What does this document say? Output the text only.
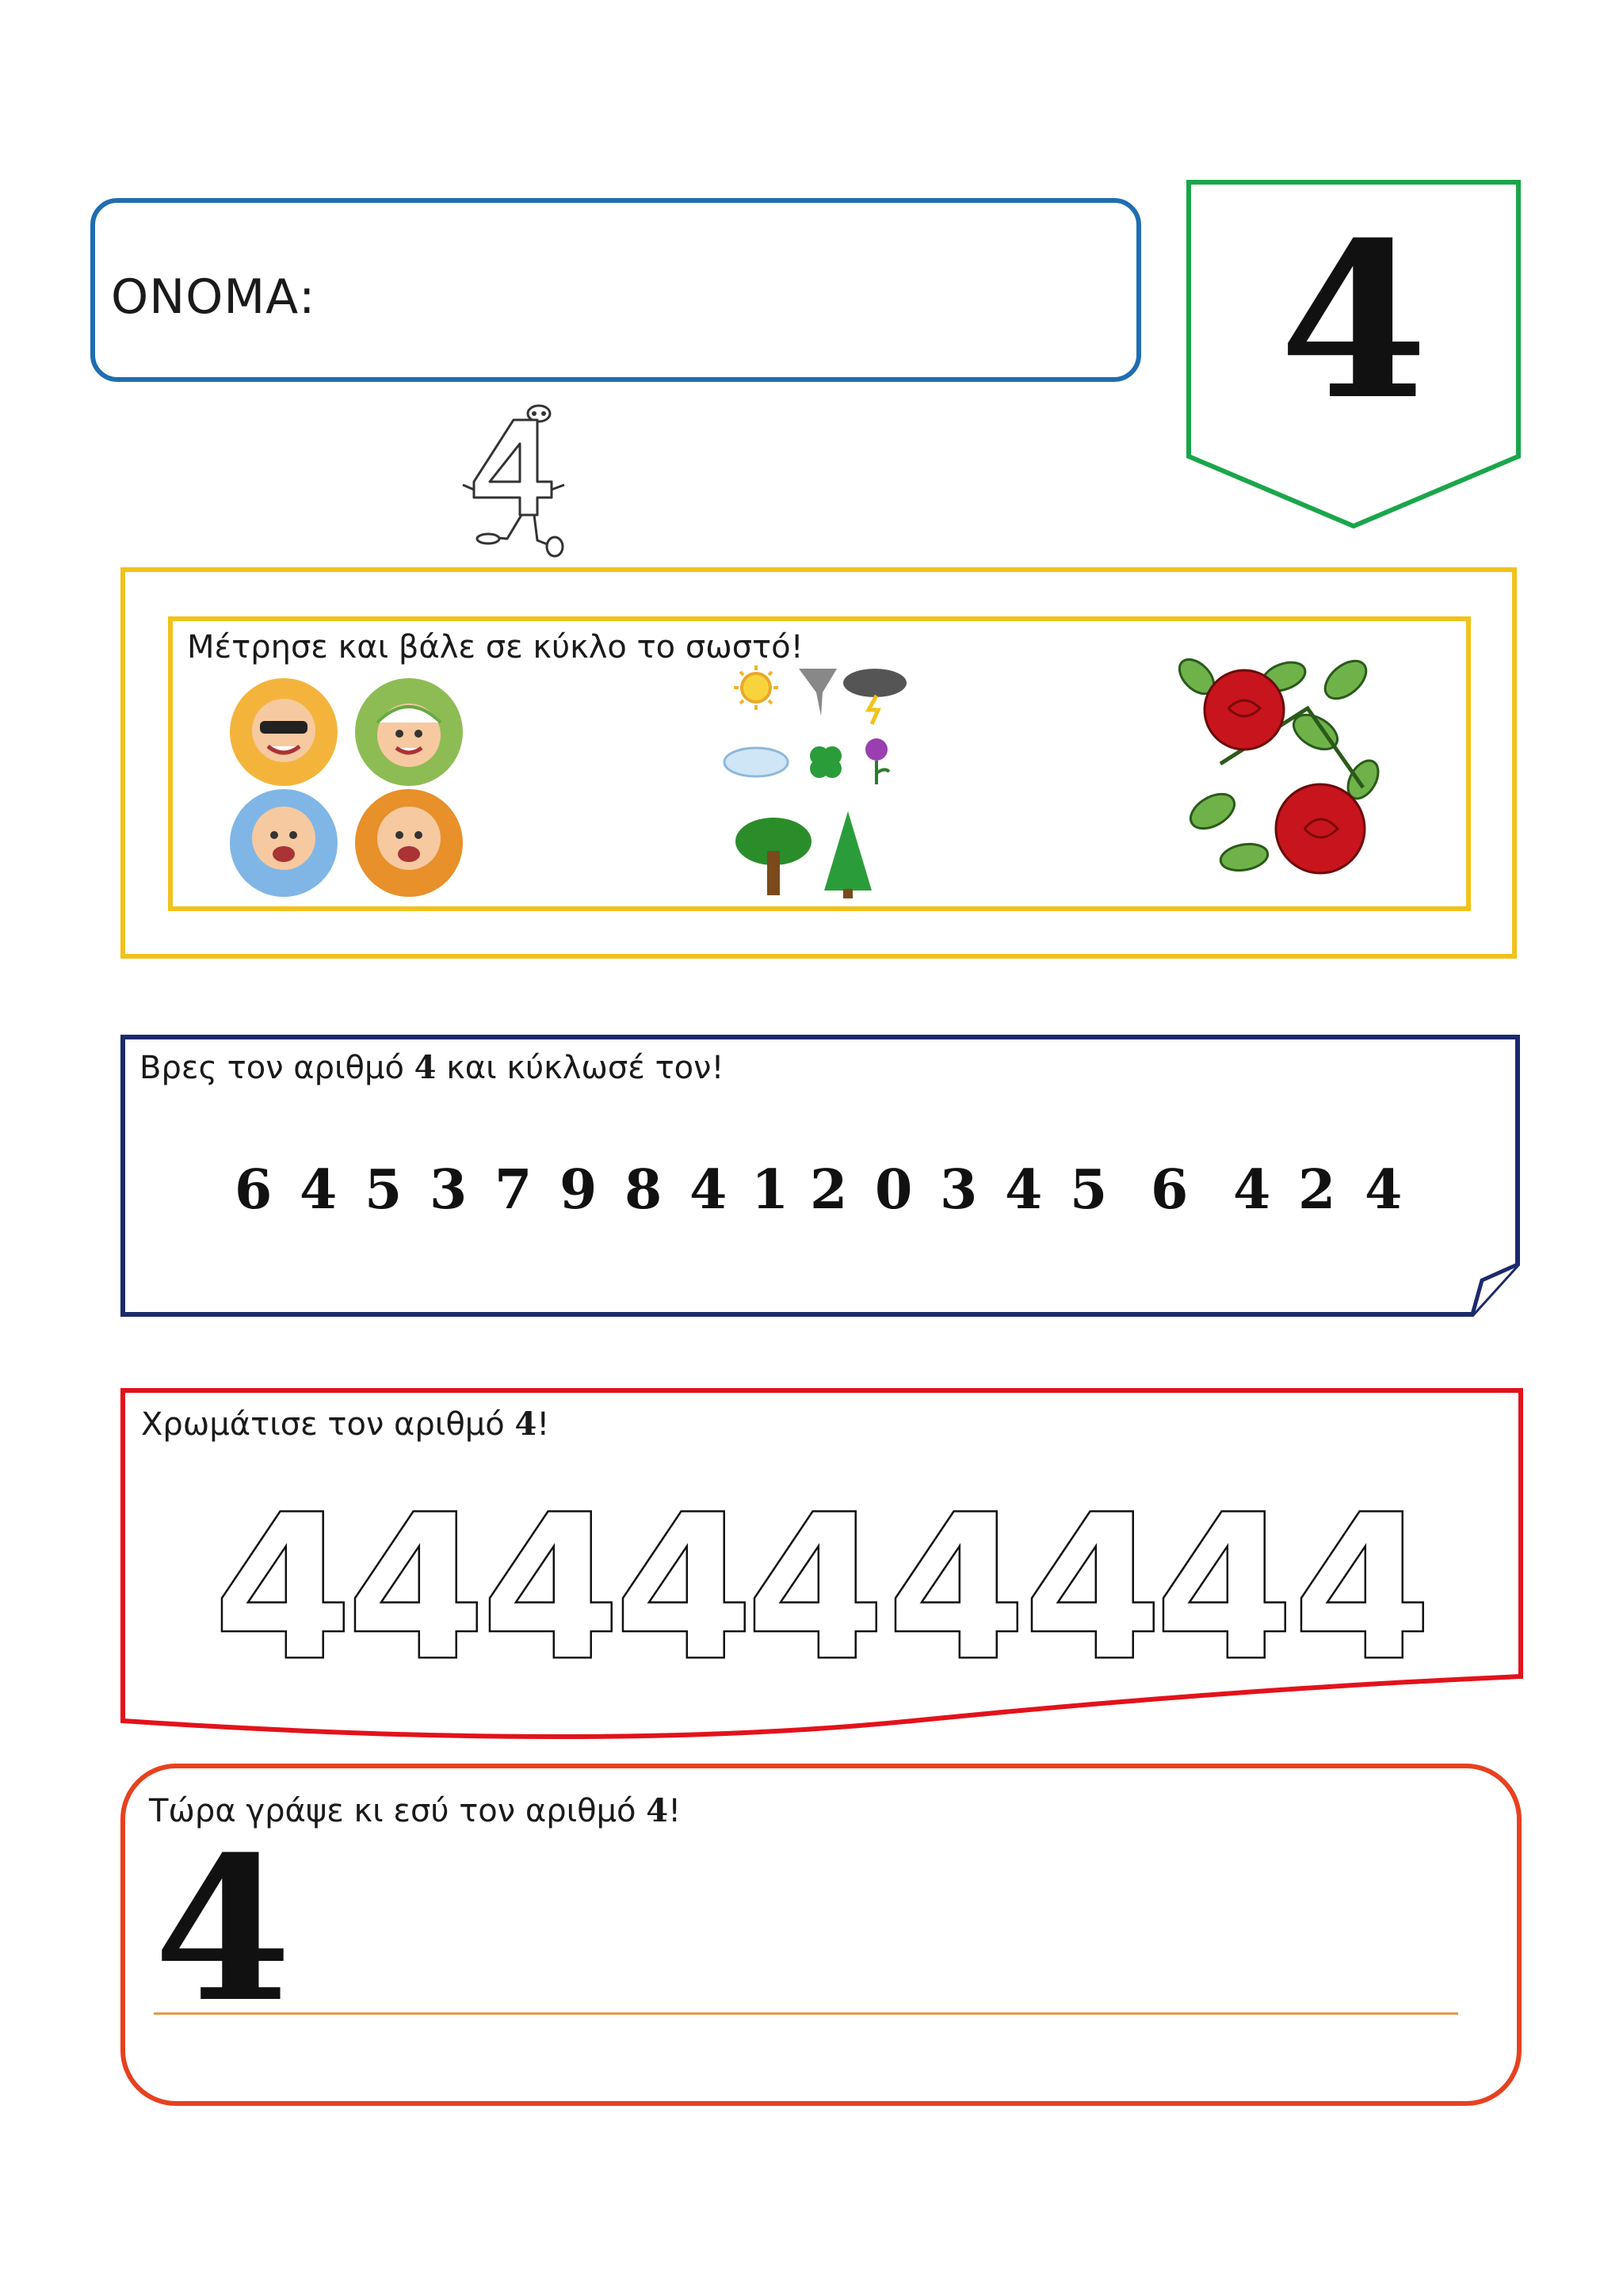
ΟΝΟΜΑ:	4
Μέτρησε και βάλε σε κύκλο το σωστό!
Βρες τον αριθμό 4 και κύκλωσέ τον!
6 4 5 3 7 9 8 4 1 2 0 3 4 5 6 4 2 4
Χρωμάτισε τον αριθμό 4!
4
4
4
4
4 4
4
4 4
Τώρα γράψε κι εσύ τον αριθμό 4!
4
